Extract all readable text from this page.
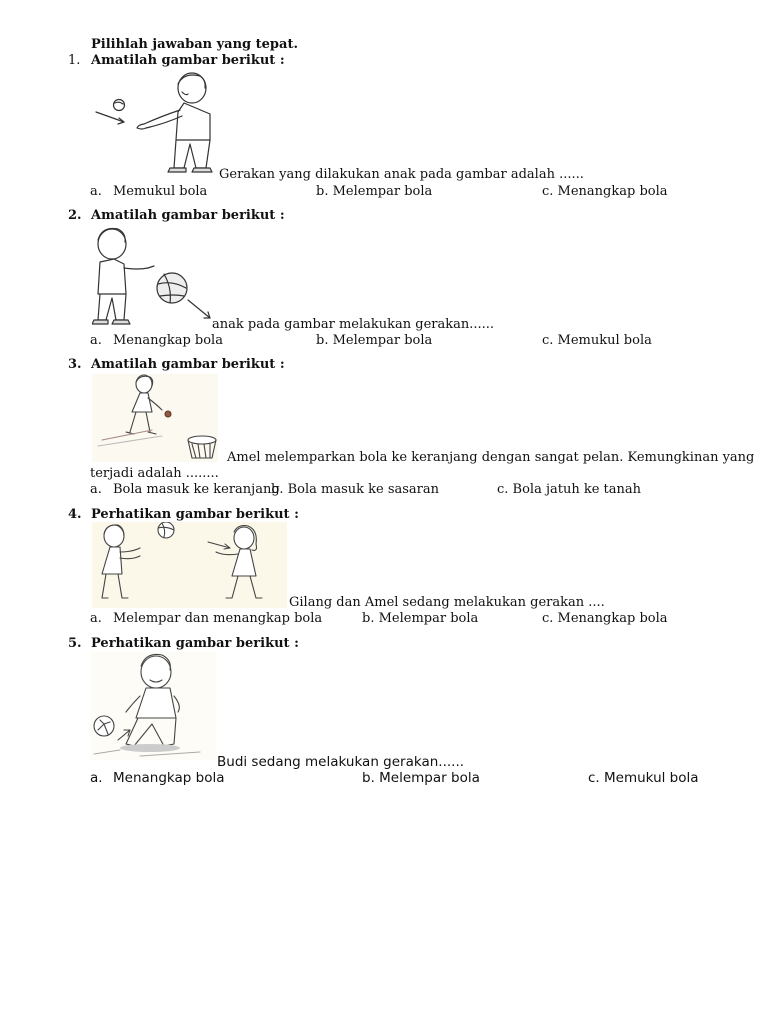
Pilihlah jawaban yang tepat.
1. Amatilah gambar berikut :
Gerakan yang dilakukan anak pada gambar adalah ......
a. Memukul bola	b. Melempar bola	c. Menangkap bola
2. Amatilah gambar berikut :
anak pada gambar melakukan gerakan......
a. Menangkap bola	b. Melempar bola	c. Memukul bola
3. Amatilah gambar berikut :
Amel melemparkan bola ke keranjang dengan sangat pelan. Kemungkinan yang
terjadi adalah ........
a. Bola masuk ke keranjang
b. Bola masuk ke sasaran	c. Bola jatuh ke tanah
4. Perhatikan gambar berikut :
Gilang dan Amel sedang melakukan gerakan ....
a. Melempar dan menangkap bola	b. Melempar bola	c. Menangkap bola
5. Perhatikan gambar berikut :
Budi sedang melakukan gerakan......
a. Menangkap bola	b. Melempar bola	c. Memukul bola
